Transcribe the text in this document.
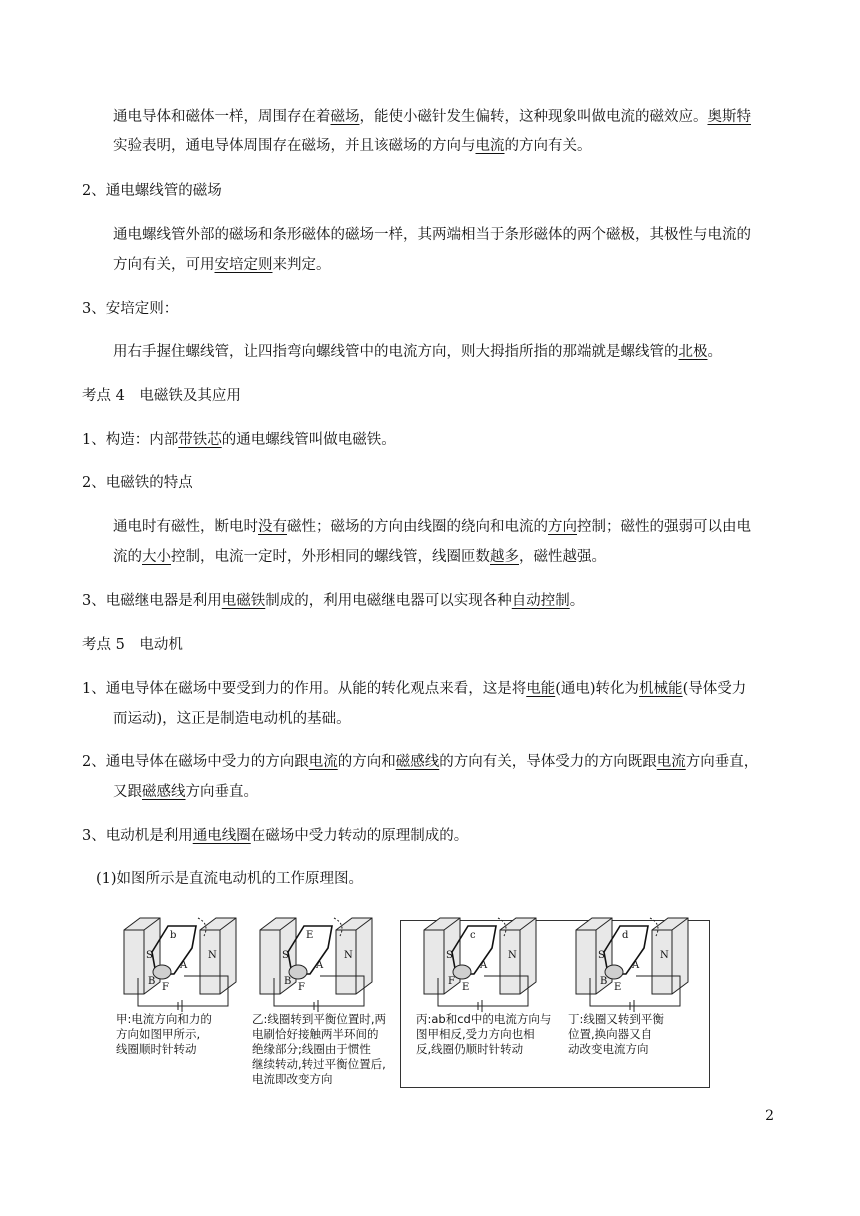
通电导体和磁体一样，周围存在着磁场，能使小磁针发生偏转，这种现象叫做电流的磁效应。奥斯特
实验表明，通电导体周围存在磁场，并且该磁场的方向与电流的方向有关。
2、通电螺线管的磁场
通电螺线管外部的磁场和条形磁体的磁场一样，其两端相当于条形磁体的两个磁极，其极性与电流的
方向有关，可用安培定则来判定。
3、安培定则：
用右手握住螺线管，让四指弯向螺线管中的电流方向，则大拇指所指的那端就是螺线管的北极。
考点 4　电磁铁及其应用
1、构造：内部带铁芯的通电螺线管叫做电磁铁。
2、电磁铁的特点
通电时有磁性，断电时没有磁性；磁场的方向由线圈的绕向和电流的方向控制；磁性的强弱可以由电
流的大小控制，电流一定时，外形相同的螺线管，线圈匝数越多，磁性越强。
3、电磁继电器是利用电磁铁制成的，利用电磁继电器可以实现各种自动控制。
考点 5　电动机
1、通电导体在磁场中要受到力的作用。从能的转化观点来看，这是将电能(通电)转化为机械能(导体受力
而运动)，这正是制造电动机的基础。
2、通电导体在磁场中受力的方向跟电流的方向和磁感线的方向有关，导体受力的方向既跟电流方向垂直，
又跟磁感线方向垂直。
3、电动机是利用通电线圈在磁场中受力转动的原理制成的。
(1)如图所示是直流电动机的工作原理图。
S	N
b
A
F
B
甲:电流方向和力的
方向如图甲所示,
线圈顺时针转动
S	N
E
A
F
B
乙:线圈转到平衡位置时,两
电刷恰好接触两半环间的
绝缘部分;线圈由于惯性
继续转动,转过平衡位置后,
电流即改变方向
S	N
c
A
E
F
丙:ab和cd中的电流方向与
图甲相反,受力方向也相
反,线圈仍顺时针转动
S	N
d
A
E
B
丁:线圈又转到平衡
位置,换向器又自
动改变电流方向
2
